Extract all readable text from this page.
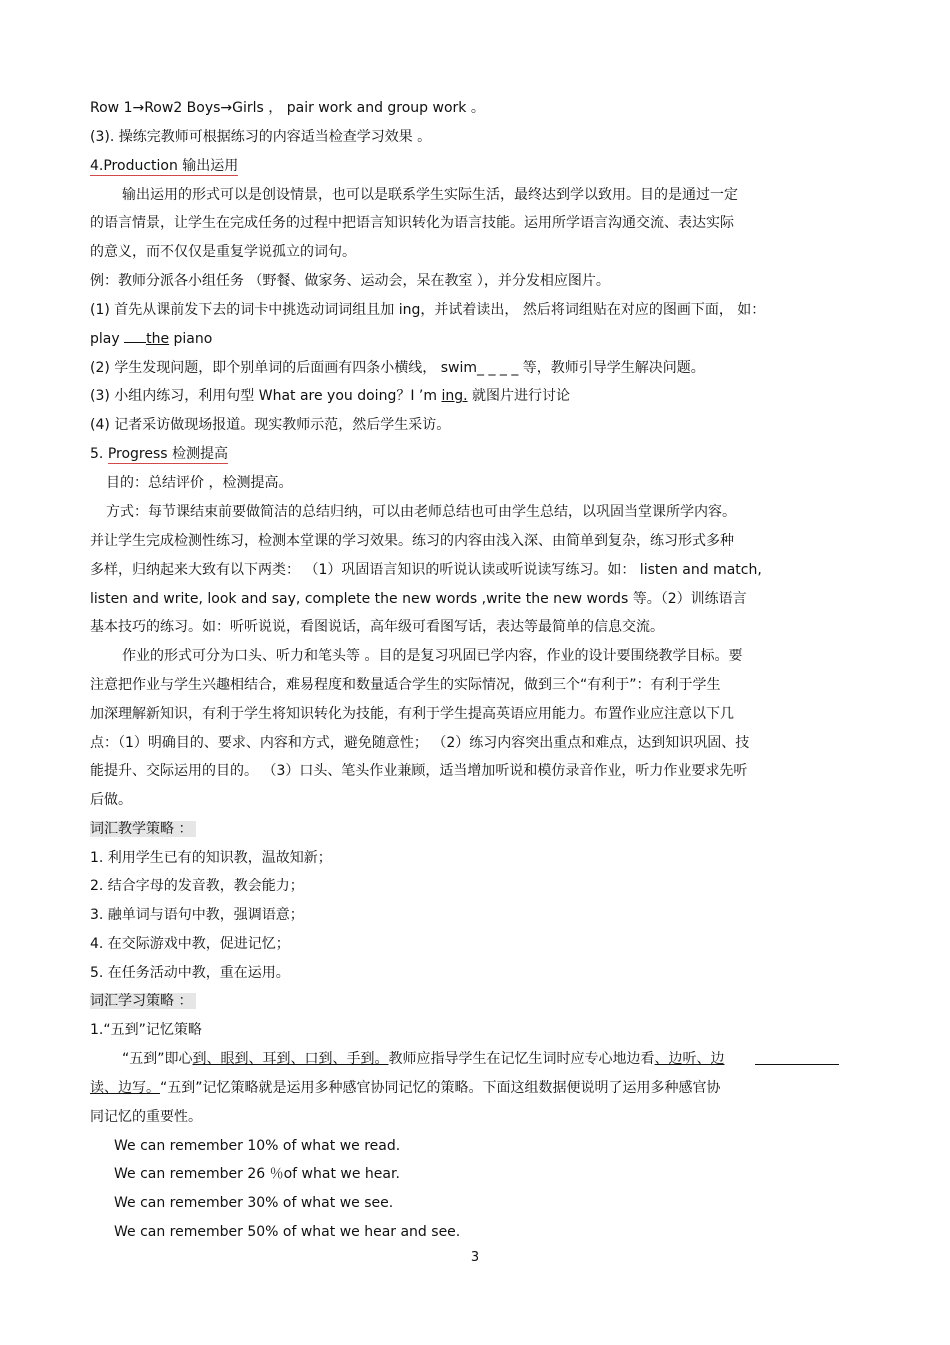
Row 1→Row2 Boys→Girls ， pair work and group work 。
(3). 操练完教师可根据练习的内容适当检查学习效果 。
4.Production 输出运用
输出运用的形式可以是创设情景，也可以是联系学生实际生活，最终达到学以致用。目的是通过一定
的语言情景，让学生在完成任务的过程中把语言知识转化为语言技能。运用所学语言沟通交流、表达实际
的意义，而不仅仅是重复学说孤立的词句。
例：教师分派各小组任务 （野餐、做家务、运动会，呆在教室 ），并分发相应图片。
(1) 首先从课前发下去的词卡中挑选动词词组且加 ing，并试着读出， 然后将词组贴在对应的图画下面， 如：
play the piano
(2) 学生发现问题，即个别单词的后面画有四条小横线， swim_ _ _ _ 等，教师引导学生解决问题。
(3) 小组内练习，利用句型 What are you doing？I ’m ing. 就图片进行讨论
(4) 记者采访做现场报道。现实教师示范，然后学生采访。
5. Progress 检测提高
目的：总结评价 ，检测提高。
方式：每节课结束前要做简洁的总结归纳，可以由老师总结也可由学生总结，以巩固当堂课所学内容。
并让学生完成检测性练习，检测本堂课的学习效果。练习的内容由浅入深、由简单到复杂，练习形式多种
多样，归纳起来大致有以下两类： （1）巩固语言知识的听说认读或听说读写练习。如： listen and match,
listen and write, look and say, complete the new words ,write the new words 等。（2）训练语言
基本技巧的练习。如：听听说说，看图说话，高年级可看图写话，表达等最简单的信息交流。
作业的形式可分为口头、听力和笔头等 。目的是复习巩固已学内容，作业的设计要围绕教学目标。要
注意把作业与学生兴趣相结合，难易程度和数量适合学生的实际情况，做到三个“有利于”：有利于学生
加深理解新知识，有利于学生将知识转化为技能，有利于学生提高英语应用能力。布置作业应注意以下几
点：（1）明确目的、要求、内容和方式，避免随意性； （2）练习内容突出重点和难点，达到知识巩固、技
能提升、交际运用的目的。 （3）口头、笔头作业兼顾，适当增加听说和模仿录音作业，听力作业要求先听
后做。
词汇教学策略 ：
1. 利用学生已有的知识教，温故知新；
2. 结合字母的发音教，教会能力；
3. 融单词与语句中教，强调语意；
4. 在交际游戏中教，促进记忆；
5. 在任务活动中教，重在运用。
词汇学习策略 ：
1.“五到”记忆策略
“五到”即心到、眼到、耳到、口到、手到。教师应指导学生在记忆生词时应专心地边看、边听、边
读、边写。“五到”记忆策略就是运用多种感官协同记忆的策略。下面这组数据便说明了运用多种感官协
同记忆的重要性。
We can remember 10% of what we read.
We can remember 26 ％of what we hear.
We can remember 30% of what we see.
We can remember 50% of what we hear and see.
3
